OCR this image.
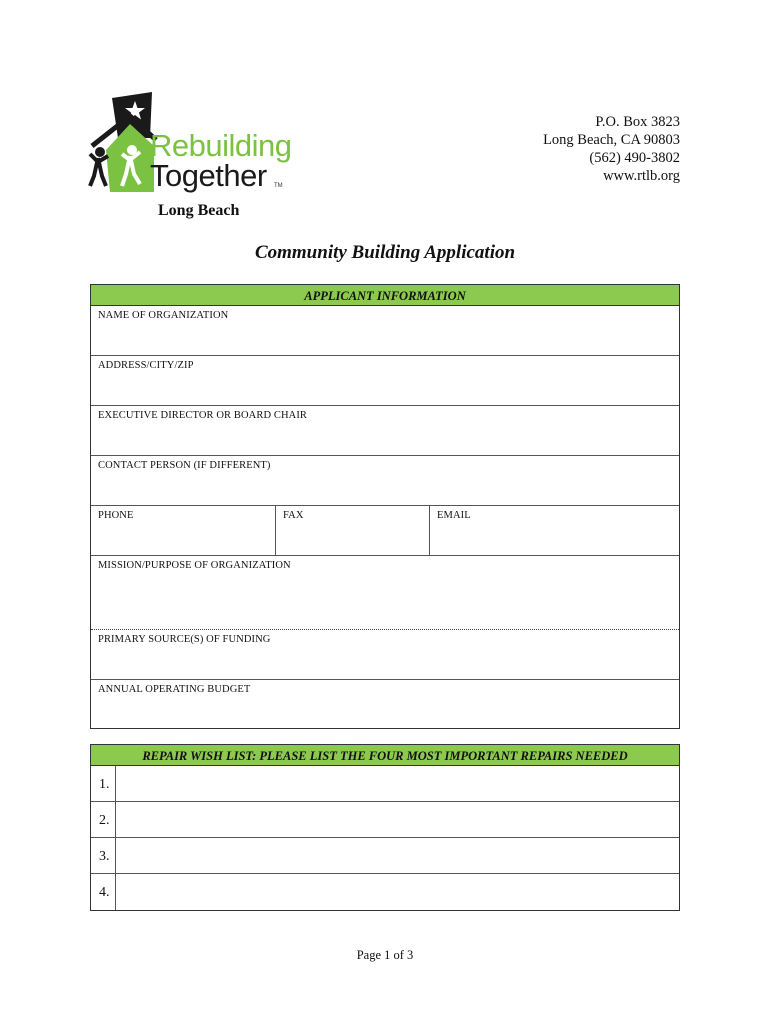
Rebuilding
Together TM
Long Beach
P.O. Box 3823
Long Beach, CA 90803
(562) 490-3802
www.rtlb.org
Community Building Application
APPLICANT INFORMATION
NAME OF ORGANIZATION
ADDRESS/CITY/ZIP
EXECUTIVE DIRECTOR OR BOARD CHAIR
CONTACT PERSON (IF DIFFERENT)
PHONE	FAX	EMAIL
MISSION/PURPOSE OF ORGANIZATION
PRIMARY SOURCE(S) OF FUNDING
ANNUAL OPERATING BUDGET
REPAIR WISH LIST: PLEASE LIST THE FOUR MOST IMPORTANT REPAIRS NEEDED
1.
2.
3.
4.
Page 1 of 3
